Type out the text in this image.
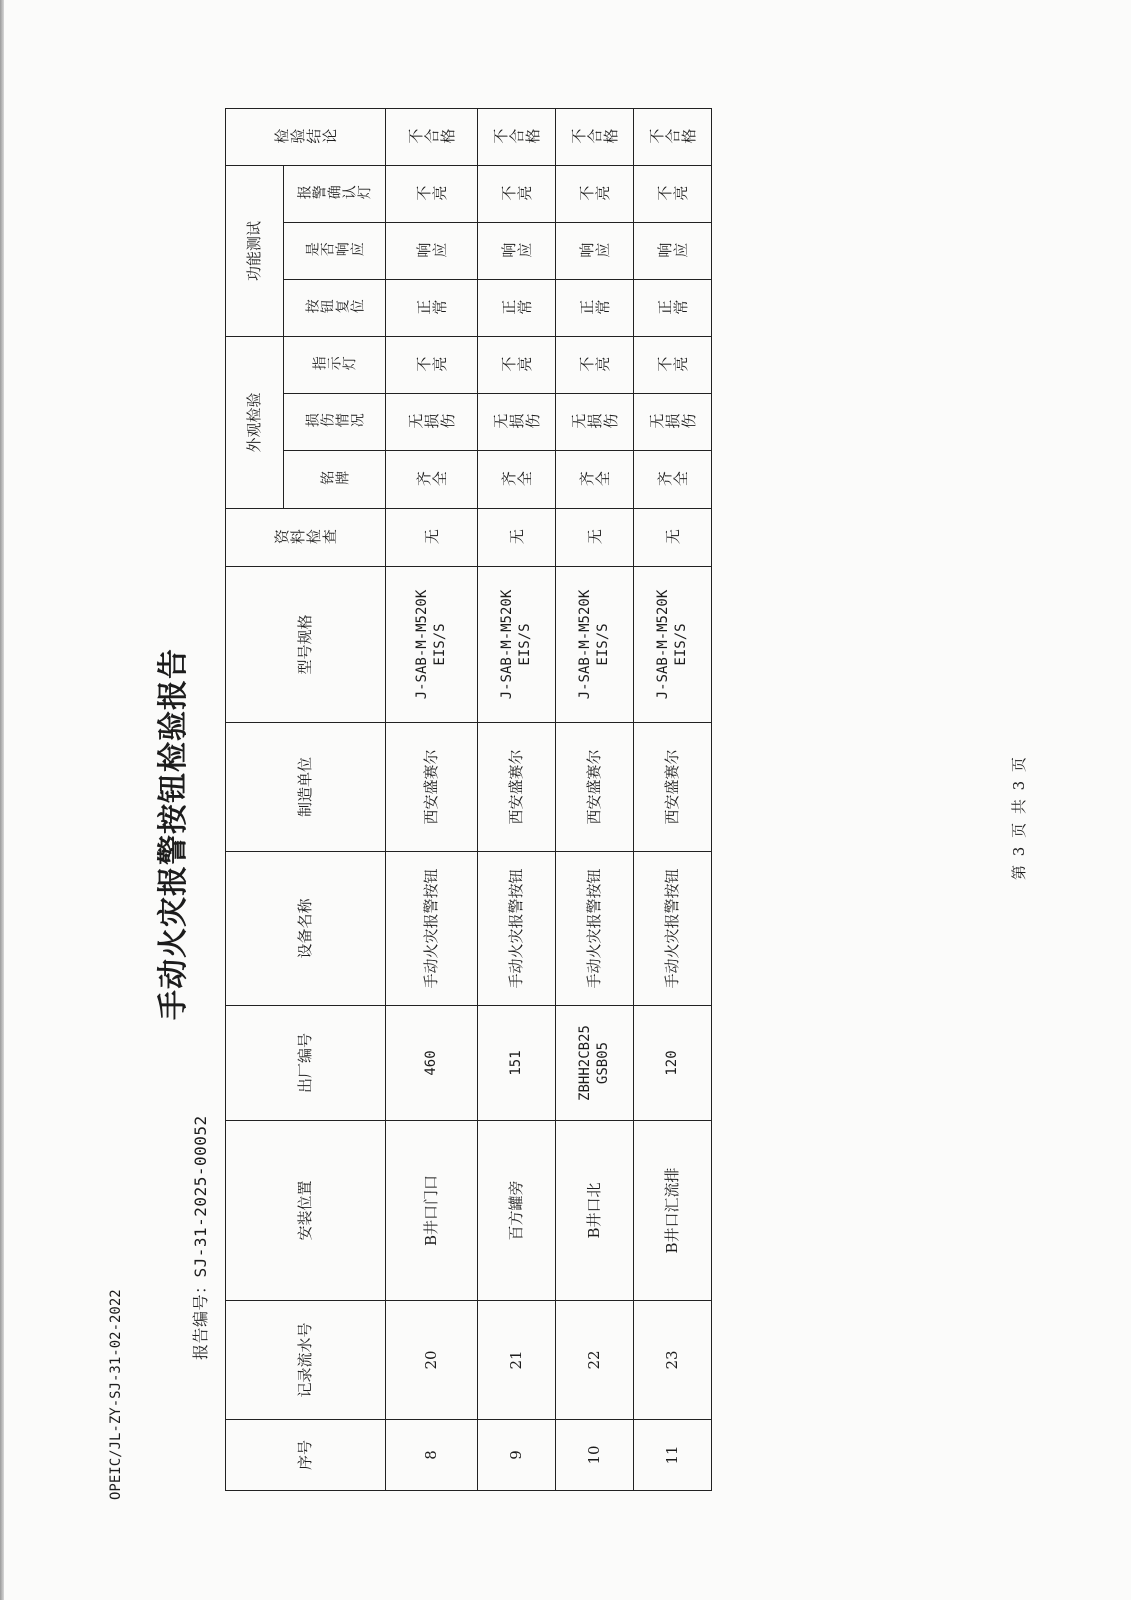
报告编号：SJ-31-2025-00052
OPEIC/JL-ZY-SJ-31-02-2022
手动火灾报警按钮检验报告
序号	记录流水号	安装位置	出厂编号	设备名称	制造单位	型号规格	资料检查	外观检验			功能测试			检验结论
								铭牌	损伤情况	指示灯	按钮复位	是否响应	报警确认灯	
8	20	B井口门口	460	手动火灾报警按钮	西安盛赛尔	J-SAB-M-M520K EIS/S	无	齐全	无损伤	不亮	正常	响应	不亮	不合格
9	21	百方罐旁	151	手动火灾报警按钮	西安盛赛尔	J-SAB-M-M520K EIS/S	无	齐全	无损伤	不亮	正常	响应	不亮	不合格
10	22	B井口北	ZBHH2CB25 GSB05	手动火灾报警按钮	西安盛赛尔	J-SAB-M-M520K EIS/S	无	齐全	无损伤	不亮	正常	响应	不亮	不合格
11	23	B井口汇流排	120	手动火灾报警按钮	西安盛赛尔	J-SAB-M-M520K EIS/S	无	齐全	无损伤	不亮	正常	响应	不亮	不合格
第 3 页 共 3 页
